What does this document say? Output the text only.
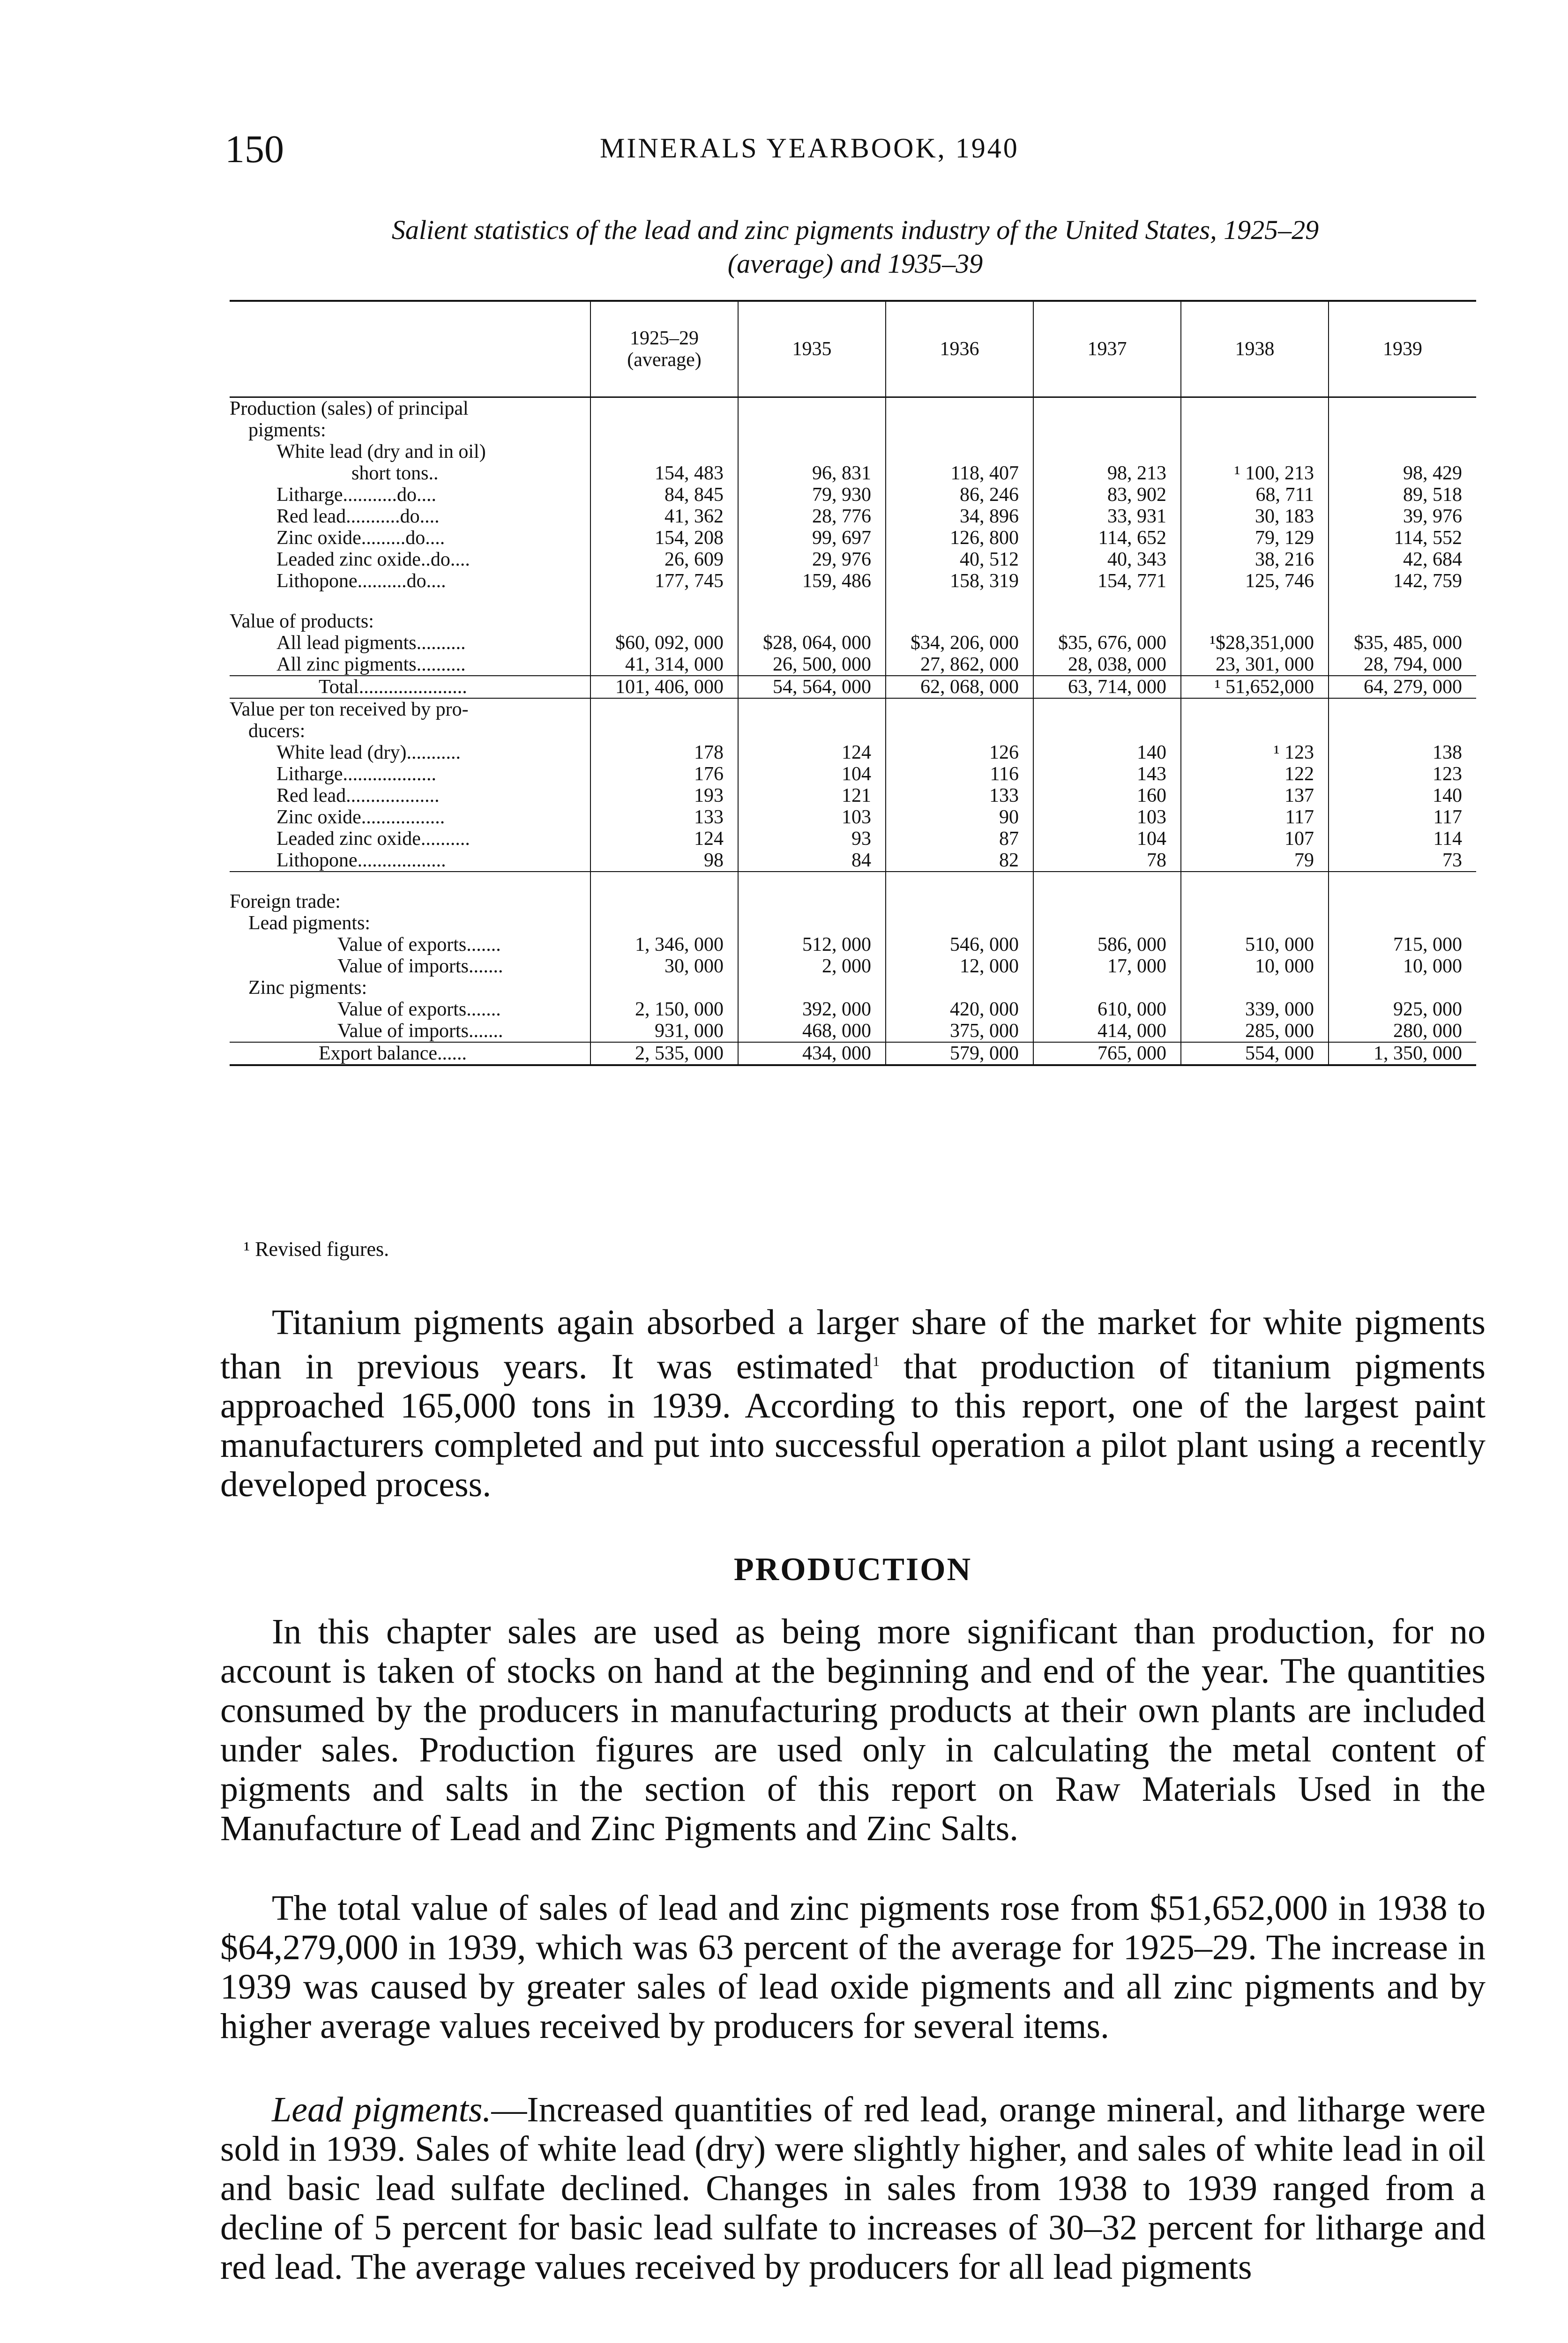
150	MINERALS YEARBOOK, 1940
Salient statistics of the lead and zinc pigments industry of the United States, 1925–29
(average) and 1935–39
	1925–29 (average)	1935	1936	1937	1938	1939
Production (sales) of principal						
pigments:						
White lead (dry and in oil)						
short tons..	154, 483	96, 831	118, 407	98, 213	¹ 100, 213	98, 429
Litharge...........do....	84, 845	79, 930	86, 246	83, 902	68, 711	89, 518
Red lead...........do....	41, 362	28, 776	34, 896	33, 931	30, 183	39, 976
Zinc oxide.........do....	154, 208	99, 697	126, 800	114, 652	79, 129	114, 552
Leaded zinc oxide..do....	26, 609	29, 976	40, 512	40, 343	38, 216	42, 684
Lithopone..........do....	177, 745	159, 486	158, 319	154, 771	125, 746	142, 759

Value of products:						
All lead pigments..........	$60, 092, 000	$28, 064, 000	$34, 206, 000	$35, 676, 000	¹$28,351,000	$35, 485, 000
All zinc pigments..........	41, 314, 000	26, 500, 000	27, 862, 000	28, 038, 000	23, 301, 000	28, 794, 000
Total......................	101, 406, 000	54, 564, 000	62, 068, 000	63, 714, 000	¹ 51,652,000	64, 279, 000
Value per ton received by pro-						
ducers:						
White lead (dry)...........	178	124	126	140	¹ 123	138
Litharge...................	176	104	116	143	122	123
Red lead...................	193	121	133	160	137	140
Zinc oxide.................	133	103	90	103	117	117
Leaded zinc oxide..........	124	93	87	104	107	114
Lithopone..................	98	84	82	78	79	73

Foreign trade:						
Lead pigments:						
Value of exports.......	1, 346, 000	512, 000	546, 000	586, 000	510, 000	715, 000
Value of imports.......	30, 000	2, 000	12, 000	17, 000	10, 000	10, 000
Zinc pigments:						
Value of exports.......	2, 150, 000	392, 000	420, 000	610, 000	339, 000	925, 000
Value of imports.......	931, 000	468, 000	375, 000	414, 000	285, 000	280, 000
Export balance......	2, 535, 000	434, 000	579, 000	765, 000	554, 000	1, 350, 000
¹ Revised figures.

Titanium pigments again absorbed a larger share of the market for white pigments than in previous years. It was estimated$^1$ that production of titanium pigments approached 165,000 tons in 1939. According to this report, one of the largest paint manufacturers completed and put into successful operation a pilot plant using a recently developed process.

PRODUCTION

In this chapter sales are used as being more significant than production, for no account is taken of stocks on hand at the beginning and end of the year. The quantities consumed by the producers in manufacturing products at their own plants are included under sales. Production figures are used only in calculating the metal content of pigments and salts in the section of this report on Raw Materials Used in the Manufacture of Lead and Zinc Pigments and Zinc Salts.

The total value of sales of lead and zinc pigments rose from $51,652,000 in 1938 to $64,279,000 in 1939, which was 63 percent of the average for 1925–29. The increase in 1939 was caused by greater sales of lead oxide pigments and all zinc pigments and by higher average values received by producers for several items.

Lead pigments.—Increased quantities of red lead, orange mineral, and litharge were sold in 1939. Sales of white lead (dry) were slightly higher, and sales of white lead in oil and basic lead sulfate declined. Changes in sales from 1938 to 1939 ranged from a decline of 5 percent for basic lead sulfate to increases of 30–32 percent for litharge and red lead. The average values received by producers for all lead pigments
